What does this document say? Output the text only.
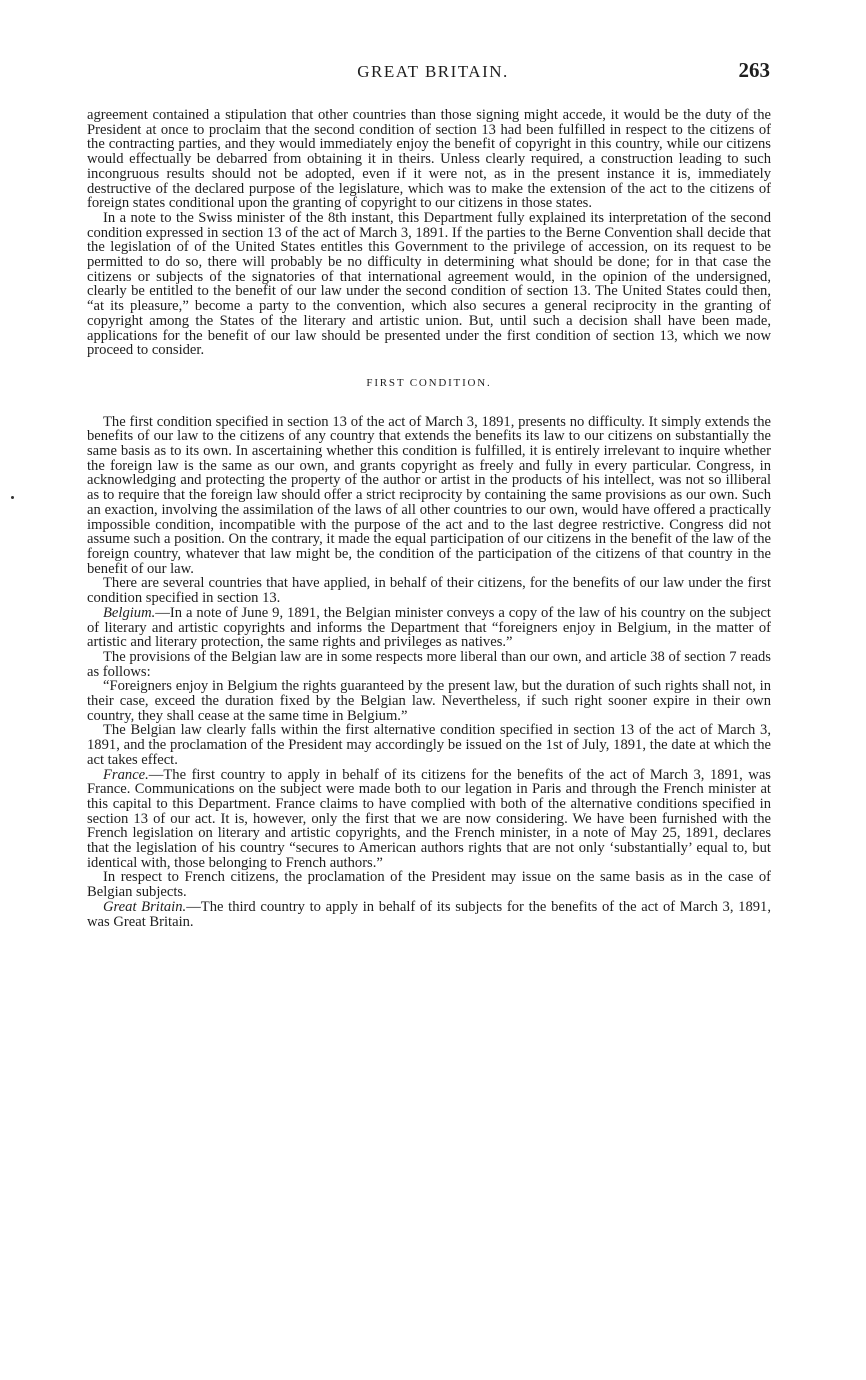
GREAT BRITAIN.	263

agreement contained a stipulation that other countries than those signing might accede, it would be the duty of the President at once to proclaim that the second condition of section 13 had been fulfilled in respect to the citizens of the contracting parties, and they would immediately enjoy the benefit of copyright in this country, while our citizens would effectually be debarred from obtaining it in theirs. Unless clearly required, a construction leading to such incongruous results should not be adopted, even if it were not, as in the present instance it is, immediately destructive of the declared purpose of the legislature, which was to make the extension of the act to the citizens of foreign states conditional upon the granting of copyright to our citizens in those states.

In a note to the Swiss minister of the 8th instant, this Department fully explained its interpretation of the second condition expressed in section 13 of the act of March 3, 1891. If the parties to the Berne Convention shall decide that the legislation of of the United States entitles this Government to the privilege of accession, on its request to be permitted to do so, there will probably be no difficulty in determining what should be done; for in that case the citizens or subjects of the signatories of that international agreement would, in the opinion of the undersigned, clearly be entitled to the benefit of our law under the second condition of section 13. The United States could then, “at its pleasure,” become a party to the convention, which also secures a general reciprocity in the granting of copyright among the States of the literary and artistic union. But, until such a decision shall have been made, applications for the benefit of our law should be presented under the first condition of section 13, which we now proceed to consider.

FIRST CONDITION.

The first condition specified in section 13 of the act of March 3, 1891, presents no difficulty. It simply extends the benefits of our law to the citizens of any country that extends the benefits its law to our citizens on substantially the same basis as to its own. In ascertaining whether this condition is fulfilled, it is entirely irrelevant to inquire whether the foreign law is the same as our own, and grants copyright as freely and fully in every particular. Congress, in acknowledging and protecting the property of the author or artist in the products of his intellect, was not so illiberal as to require that the foreign law should offer a strict reciprocity by containing the same provisions as our own. Such an exaction, involving the assimilation of the laws of all other countries to our own, would have offered a practically impossible condition, incompatible with the purpose of the act and to the last degree restrictive. Congress did not assume such a position. On the contrary, it made the equal participation of our citizens in the benefit of the law of the foreign country, whatever that law might be, the condition of the participation of the citizens of that country in the benefit of our law.

There are several countries that have applied, in behalf of their citizens, for the benefits of our law under the first condition specified in section 13.

Belgium.—In a note of June 9, 1891, the Belgian minister conveys a copy of the law of his country on the subject of literary and artistic copyrights and informs the Department that “foreigners enjoy in Belgium, in the matter of artistic and literary protection, the same rights and privileges as natives.”

The provisions of the Belgian law are in some respects more liberal than our own, and article 38 of section 7 reads as follows:

“Foreigners enjoy in Belgium the rights guaranteed by the present law, but the duration of such rights shall not, in their case, exceed the duration fixed by the Belgian law. Nevertheless, if such right sooner expire in their own country, they shall cease at the same time in Belgium.”

The Belgian law clearly falls within the first alternative condition specified in section 13 of the act of March 3, 1891, and the proclamation of the President may accordingly be issued on the 1st of July, 1891, the date at which the act takes effect.

France.—The first country to apply in behalf of its citizens for the benefits of the act of March 3, 1891, was France. Communications on the subject were made both to our legation in Paris and through the French minister at this capital to this Department. France claims to have complied with both of the alternative conditions specified in section 13 of our act. It is, however, only the first that we are now considering. We have been furnished with the French legislation on literary and artistic copyrights, and the French minister, in a note of May 25, 1891, declares that the legislation of his country “secures to American authors rights that are not only ‘substantially’ equal to, but identical with, those belonging to French authors.”

In respect to French citizens, the proclamation of the President may issue on the same basis as in the case of Belgian subjects.

Great Britain.—The third country to apply in behalf of its subjects for the benefits of the act of March 3, 1891, was Great Britain.
